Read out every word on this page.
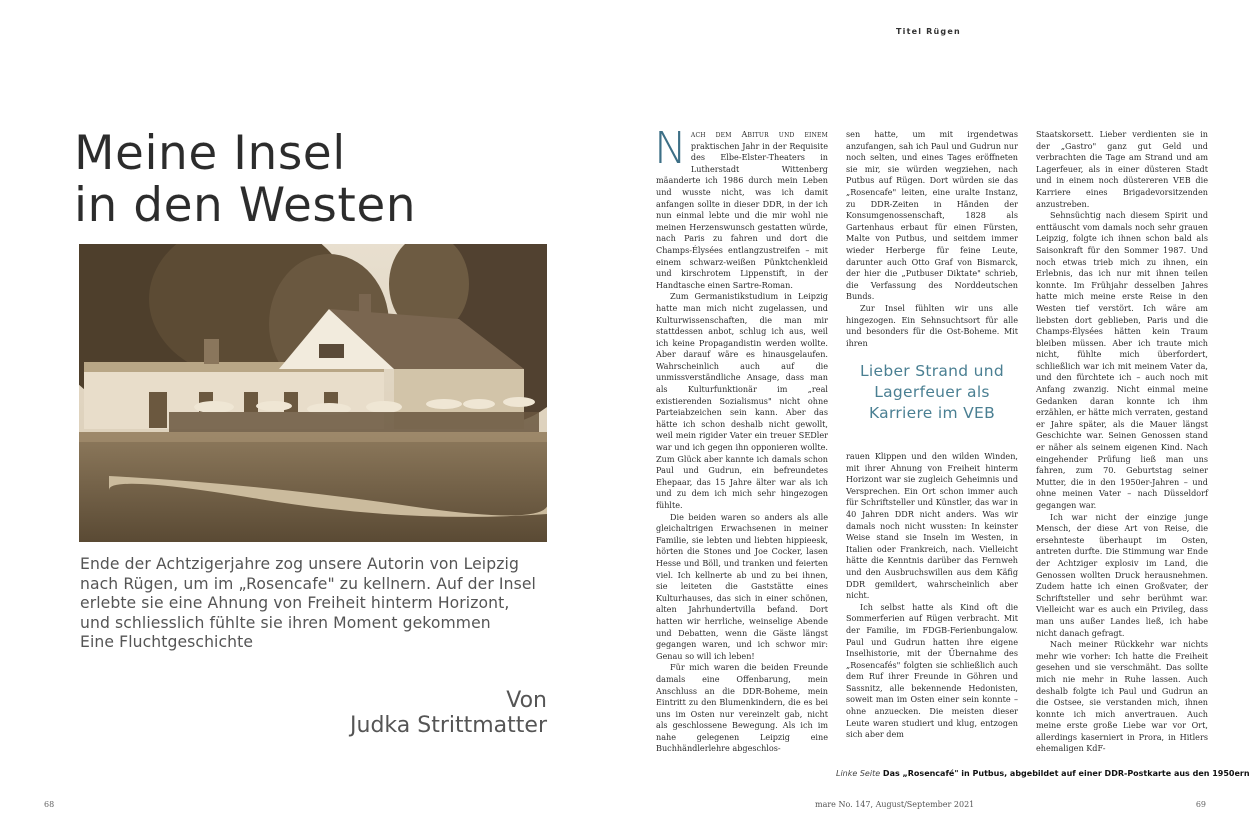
Meine Insel
in den Westen

Ende der Achtzigerjahre zog unsere Autorin von Leipzig

nach Rügen, um im „Rosencafe" zu kellnern. Auf der Insel

erlebte sie eine Ahnung von Freiheit hinterm Horizont,

und schliesslich fühlte sie ihren Moment gekommen

Eine Fluchtgeschichte

Von
Judka Strittmatter
68
Titel Rügen

Nach dem Abitur und einem praktischen Jahr in der Requisite des Elbe-Elster-Theaters in Lutherstadt Wittenberg mäanderte ich 1986 durch mein Leben und wusste nicht, was ich damit anfangen sollte in dieser DDR, in der ich nun einmal lebte und die mir wohl nie meinen Herzenswunsch gestatten würde, nach Paris zu fahren und dort die Champs-Élysées entlangzustreifen – mit einem schwarz-weißen Pünktchenkleid und kirschrotem Lippenstift, in der Handtasche einen Sartre-Roman.

Zum Germanistikstudium in Leipzig hatte man mich nicht zugelassen, und Kulturwissenschaften, die man mir stattdessen anbot, schlug ich aus, weil ich keine Propagandistin werden wollte. Aber darauf wäre es hinausgelaufen. Wahrscheinlich auch auf die unmissverständliche Ansage, dass man als Kulturfunktionär im „real existierenden Sozialismus" nicht ohne Parteiabzeichen sein kann. Aber das hätte ich schon deshalb nicht gewollt, weil mein rigider Vater ein treuer SEDler war und ich gegen ihn opponieren wollte. Zum Glück aber kannte ich damals schon Paul und Gudrun, ein befreundetes Ehepaar, das 15 Jahre älter war als ich und zu dem ich mich sehr hingezogen fühlte.

Die beiden waren so anders als alle gleichaltrigen Erwachsenen in meiner Familie, sie lebten und liebten hippieesk, hörten die Stones und Joe Cocker, lasen Hesse und Böll, und tranken und feierten viel. Ich kellnerte ab und zu bei ihnen, sie leiteten die Gaststätte eines Kulturhauses, das sich in einer schönen, alten Jahrhundertvilla befand. Dort hatten wir herrliche, weinselige Abende und Debatten, wenn die Gäste längst gegangen waren, und ich schwor mir: Genau so will ich leben!

Für mich waren die beiden Freunde damals eine Offenbarung, mein Anschluss an die DDR-Boheme, mein Eintritt zu den Blumenkindern, die es bei uns im Osten nur vereinzelt gab, nicht als geschlossene Bewegung. Als ich im nahe gelegenen Leipzig eine Buchhändlerlehre abgeschlos-

sen hatte, um mit irgendetwas anzufangen, sah ich Paul und Gudrun nur noch selten, und eines Tages eröffneten sie mir, sie würden wegziehen, nach Putbus auf Rügen. Dort würden sie das „Rosencafe" leiten, eine uralte Instanz, zu DDR-Zeiten in Händen der Konsumgenossenschaft, 1828 als Gartenhaus erbaut für einen Fürsten, Malte von Putbus, und seitdem immer wieder Herberge für feine Leute, darunter auch Otto Graf von Bismarck, der hier die „Putbuser Diktate" schrieb, die Verfassung des Norddeutschen Bunds.

Zur Insel fühlten wir uns alle hingezogen. Ein Sehnsuchtsort für alle und besonders für die Ost-Boheme. Mit ihren

Lieber Strand und
Lagerfeuer als
Karriere im VEB

rauen Klippen und den wilden Winden, mit ihrer Ahnung von Freiheit hinterm Horizont war sie zugleich Geheimnis und Versprechen. Ein Ort schon immer auch für Schriftsteller und Künstler, das war in 40 Jahren DDR nicht anders. Was wir damals noch nicht wussten: In keinster Weise stand sie Inseln im Westen, in Italien oder Frankreich, nach. Vielleicht hätte die Kenntnis darüber das Fernweh und den Ausbruchswillen aus dem Käfig DDR gemildert, wahrscheinlich aber nicht.

Ich selbst hatte als Kind oft die Sommerferien auf Rügen verbracht. Mit der Familie, im FDGB-Ferienbungalow. Paul und Gudrun hatten ihre eigene Inselhistorie, mit der Übernahme des „Rosencafés" folgten sie schließlich auch dem Ruf ihrer Freunde in Göhren und Sassnitz, alle bekennende Hedonisten, soweit man im Osten einer sein konnte – ohne anzuecken. Die meisten dieser Leute waren studiert und klug, entzogen sich aber dem

Staatskorsett. Lieber verdienten sie in der „Gastro" ganz gut Geld und verbrachten die Tage am Strand und am Lagerfeuer, als in einer düsteren Stadt und in einem noch düstereren VEB die Karriere eines Brigadevorsitzenden anzustreben.

Sehnsüchtig nach diesem Spirit und enttäuscht vom damals noch sehr grauen Leipzig, folgte ich ihnen schon bald als Saisonkraft für den Sommer 1987. Und noch etwas trieb mich zu ihnen, ein Erlebnis, das ich nur mit ihnen teilen konnte. Im Frühjahr desselben Jahres hatte mich meine erste Reise in den Westen tief verstört. Ich wäre am liebsten dort geblieben, Paris und die Champs-Élysées hätten kein Traum bleiben müssen. Aber ich traute mich nicht, fühlte mich überfordert, schließlich war ich mit meinem Vater da, und den fürchtete ich – auch noch mit Anfang zwanzig. Nicht einmal meine Gedanken daran konnte ich ihm erzählen, er hätte mich verraten, gestand er Jahre später, als die Mauer längst Geschichte war. Seinen Genossen stand er näher als seinem eigenen Kind. Nach eingehender Prüfung ließ man uns fahren, zum 70. Geburtstag seiner Mutter, die in den 1950er-Jahren – und ohne meinen Vater – nach Düsseldorf gegangen war.

Ich war nicht der einzige junge Mensch, der diese Art von Reise, die ersehnteste überhaupt im Osten, antreten durfte. Die Stimmung war Ende der Achtziger explosiv im Land, die Genossen wollten Druck herausnehmen. Zudem hatte ich einen Großvater, der Schriftsteller und sehr berühmt war. Vielleicht war es auch ein Privileg, dass man uns außer Landes ließ, ich habe nicht danach gefragt.

Nach meiner Rückkehr war nichts mehr wie vorher: Ich hatte die Freiheit gesehen und sie verschmäht. Das sollte mich nie mehr in Ruhe lassen. Auch deshalb folgte ich Paul und Gudrun an die Ostsee, sie verstanden mich, ihnen konnte ich mich anvertrauen. Auch meine erste große Liebe war vor Ort, allerdings kaserniert in Prora, in Hitlers ehemaligen KdF-

Linke Seite Das „Rosencafé" in Putbus, abgebildet auf einer DDR-Postkarte aus den 1950ern
mare No. 147, August/September 2021	69
